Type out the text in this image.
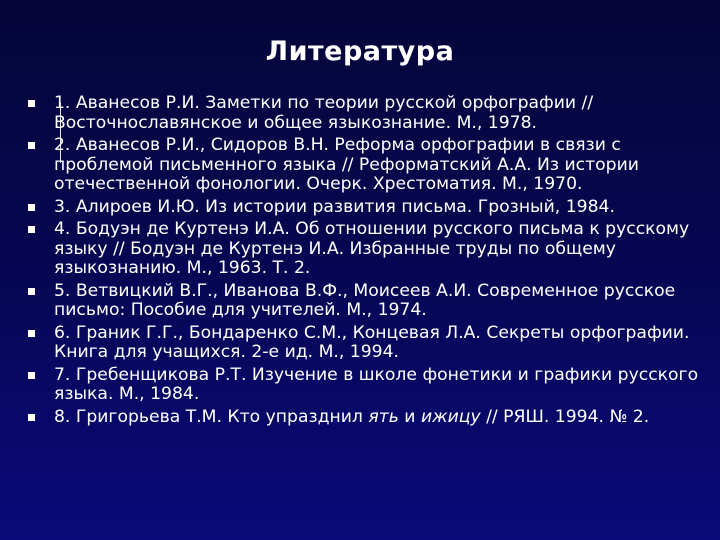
Литература
1. Аванесов Р.И. Заметки по теории русской орфографии // Восточнославянское и общее языкознание. М., 1978.
2. Аванесов Р.И., Сидоров В.Н. Реформа орфографии в связи с проблемой письменного языка // Реформатский А.А. Из истории отечественной фонологии. Очерк. Хрестоматия. М., 1970.
3. Алироев И.Ю. Из истории развития письма. Грозный, 1984.
4. Бодуэн де Куртенэ И.А. Об отношении русского письма к русскому языку // Бодуэн де Куртенэ И.А. Избранные труды по общему языкознанию. М., 1963. Т. 2.
5. Ветвицкий В.Г., Иванова В.Ф., Моисеев А.И. Современное русское письмо: Пособие для учителей. М., 1974.
6. Граник Г.Г., Бондаренко С.М., Концевая Л.А. Секреты орфографии. Книга для учащихся. 2-е ид. М., 1994.
7. Гребенщикова Р.Т. Изучение в школе фонетики и графики русского языка. М., 1984.
8. Григорьева Т.М. Кто упразднил ять и ижицу // РЯШ. 1994. № 2.
